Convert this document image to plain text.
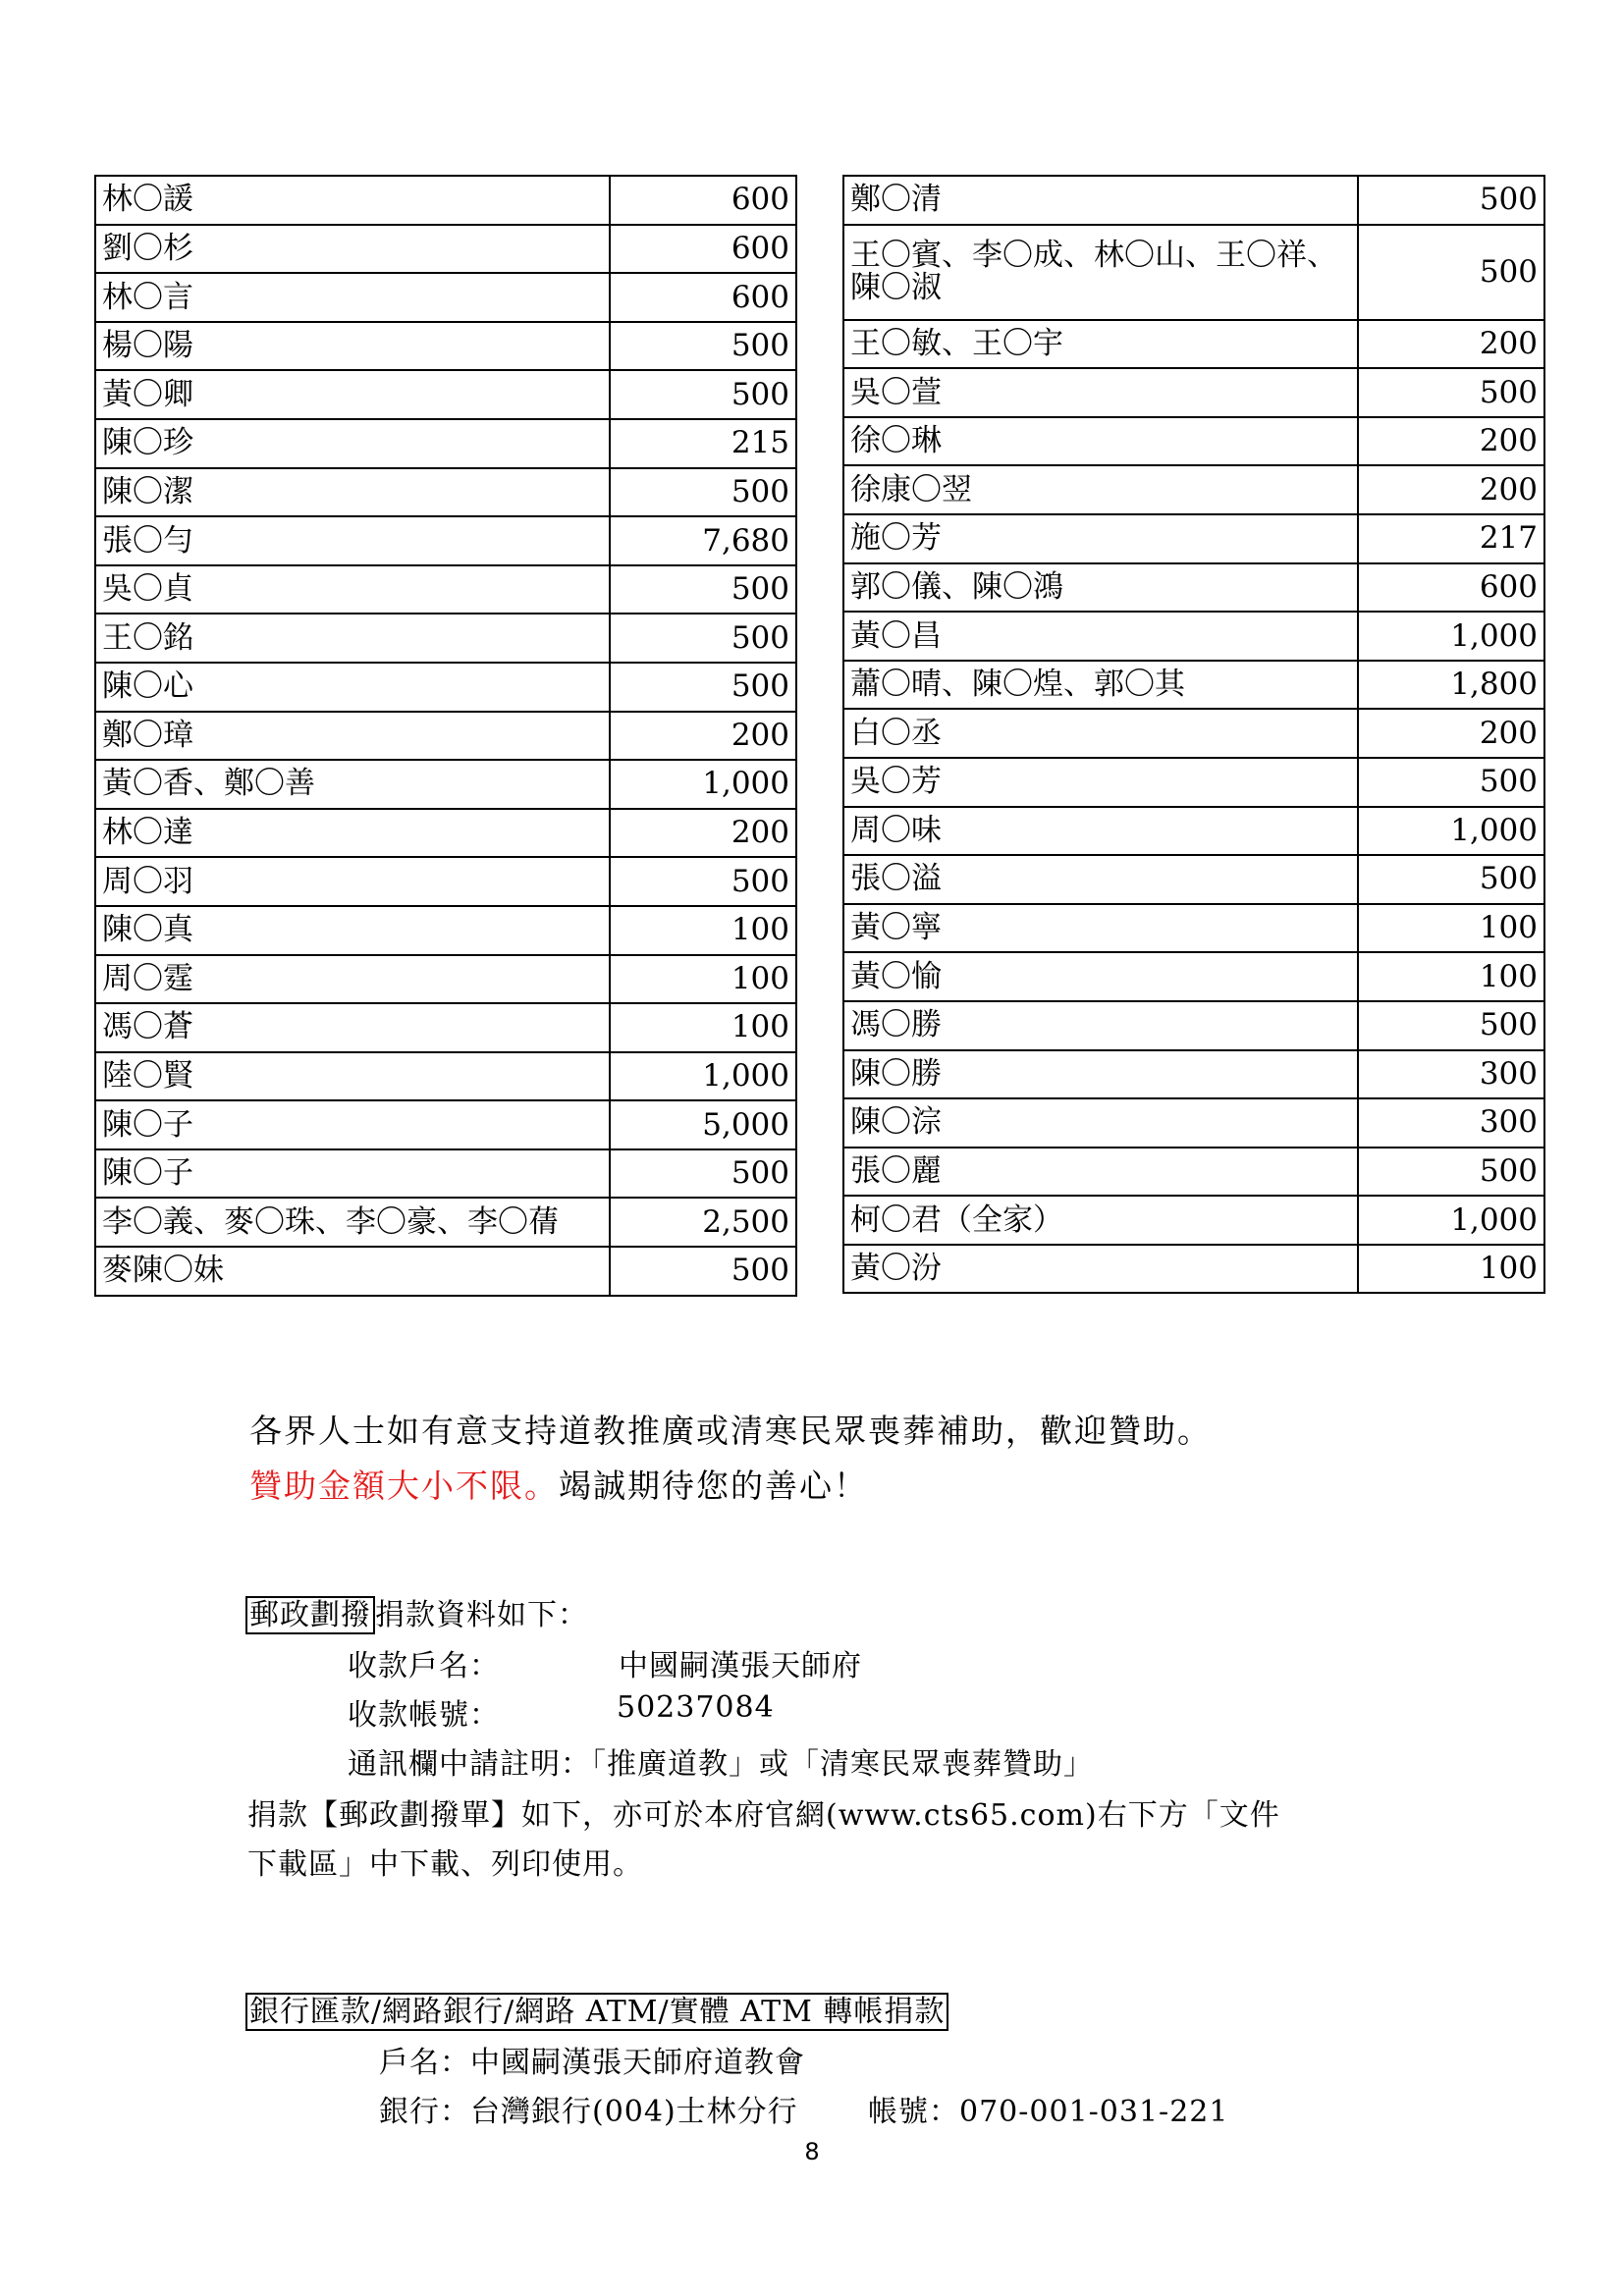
林〇諼	600
劉〇杉	600
林〇言	600
楊〇陽	500
黃〇卿	500
陳〇珍	215
陳〇潔	500
張〇勻	7,680
吳〇貞	500
王〇銘	500
陳〇心	500
鄭〇璋	200
黃〇香、鄭〇善	1,000
林〇達	200
周〇羽	500
陳〇真	100
周〇霆	100
馮〇蒼	100
陸〇賢	1,000
陳〇子	5,000
陳〇子	500
李〇義、麥〇珠、李〇豪、李〇蒨	2,500
麥陳〇妹	500
鄭〇清	500
王〇賓、李〇成、林〇山、王〇祥、陳〇淑	500
王〇敏、王〇宇	200
吳〇萱	500
徐〇琳	200
徐康〇翌	200
施〇芳	217
郭〇儀、陳〇鴻	600
黃〇昌	1,000
蕭〇晴、陳〇煌、郭〇其	1,800
白〇丞	200
吳〇芳	500
周〇味	1,000
張〇溢	500
黃〇寧	100
黃〇愉	100
馮〇勝	500
陳〇勝	300
陳〇淙	300
張〇麗	500
柯〇君（全家）	1,000
黃〇汾	100
各界人士如有意支持道教推廣或清寒民眾喪葬補助，歡迎贊助。
贊助金額大小不限。竭誠期待您的善心！
郵政劃撥 捐款資料如下：
收款戶名：	中國嗣漢張天師府
收款帳號：	50237084
通訊欄中請註明：「推廣道教」或「清寒民眾喪葬贊助」
捐款【郵政劃撥單】如下，亦可於本府官網(www.cts65.com)右下方「文件
下載區」中下載、列印使用。
銀行匯款/網路銀行/網路 ATM/實體 ATM 轉帳捐款
戶名：中國嗣漢張天師府道教會
銀行：台灣銀行(004)士林分行 帳號：070-001-031-221
8
